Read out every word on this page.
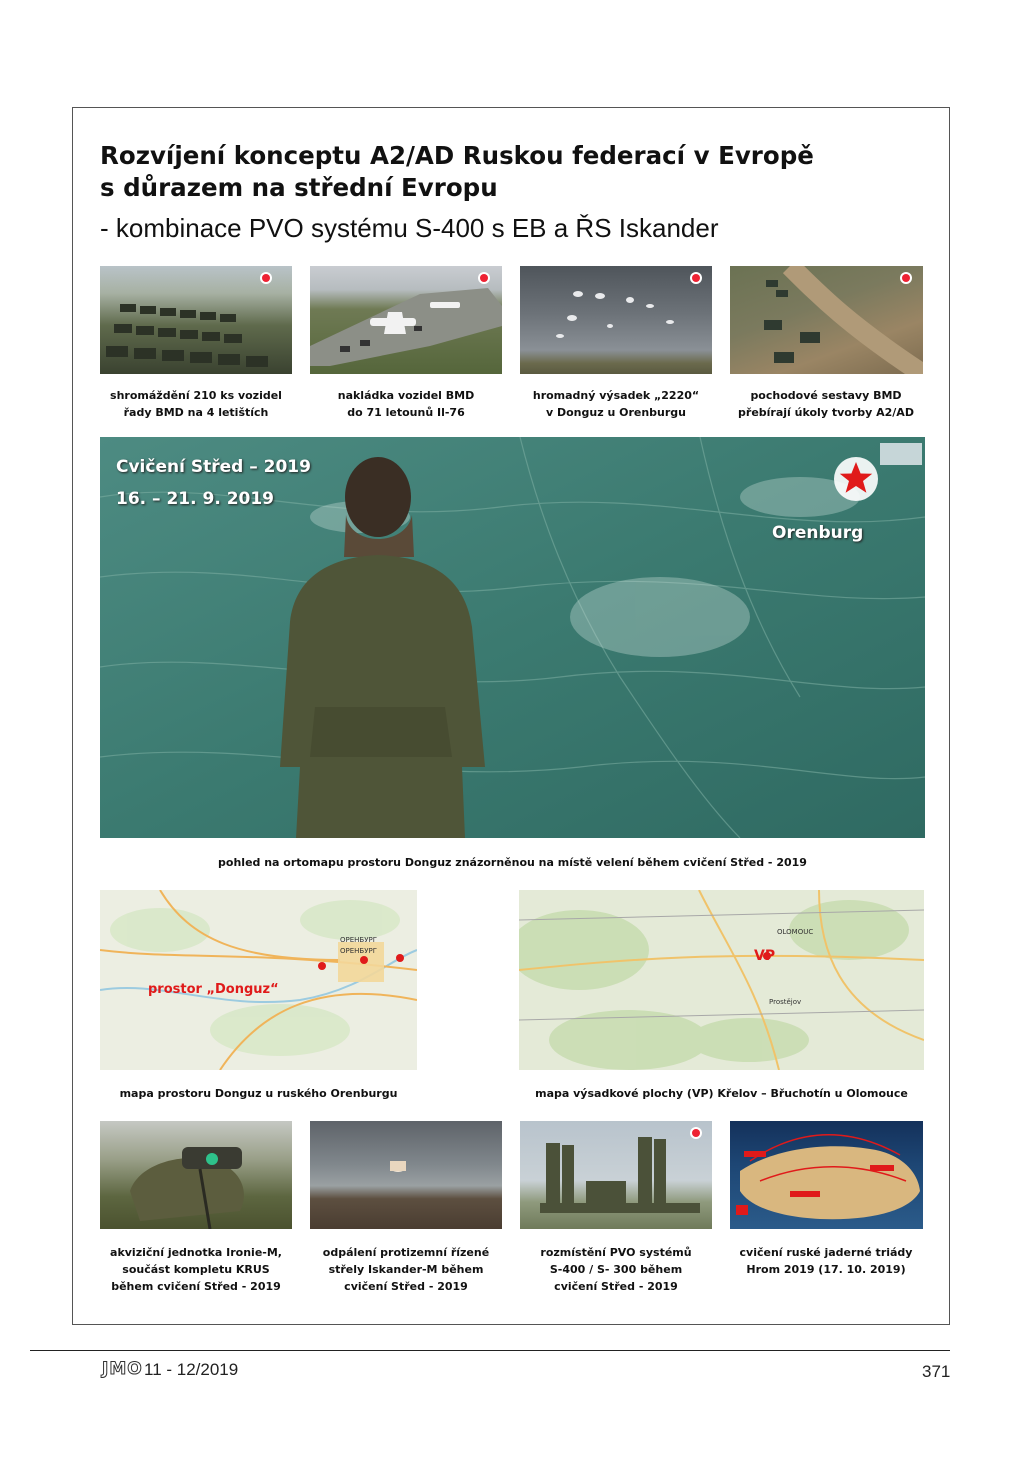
Rozvíjení konceptu A2/AD Ruskou federací v Evropě
s důrazem na střední Evropu
- kombinace PVO systému S-400 s EB a ŘS Iskander
shromáždění 210 ks vozidel
řady BMD na 4 letištích
nakládka vozidel BMD
do 71 letounů Il-76
hromadný výsadek „2220“
v Donguz u Orenburgu
pochodové sestavy BMD
přebírají úkoly tvorby A2/AD
Cvičení Střed – 2019
16. – 21. 9. 2019
Orenburg
pohled na ortomapu prostoru Donguz znázorněnou na místě velení během cvičení Střed - 2019
ОРЕНБУРГ
ОРЕНБУРГ
prostor „Donguz“
OLOMOUC
Prostějov
VP
mapa prostoru Donguz u ruského Orenburgu	mapa výsadkové plochy (VP) Křelov – Břuchotín u Olomouce
akviziční jednotka Ironie-M,
součást kompletu KRUS
během cvičení Střed - 2019
odpálení protizemní řízené
střely Iskander-M během
cvičení Střed - 2019
rozmístění PVO systémů
S-400 / S- 300 během
cvičení Střed - 2019
cvičení ruské jaderné triády
Hrom 2019 (17. 10. 2019)
JMO 11 - 12/2019	371
